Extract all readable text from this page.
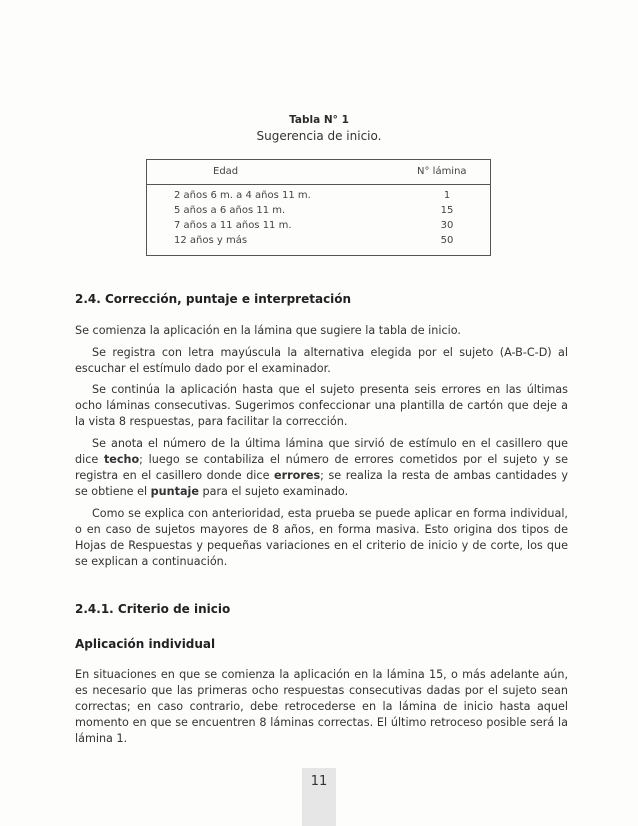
Tabla N° 1
Sugerencia de inicio.
Edad	N° lámina
2 años 6 m. a 4 años 11 m.	1
5 años a 6 años 11 m.	15
7 años a 11 años 11 m.	30
12 años y más	50
2.4. Corrección, puntaje e interpretación

Se comienza la aplicación en la lámina que sugiere la tabla de inicio.

Se registra con letra mayúscula la alternativa elegida por el sujeto (A-B-C-D) al escuchar el estímulo dado por el examinador.

Se continúa la aplicación hasta que el sujeto presenta seis errores en las últimas ocho láminas consecutivas. Sugerimos confeccionar una plantilla de cartón que deje a la vista 8 respuestas, para facilitar la corrección.

Se anota el número de la última lámina que sirvió de estímulo en el casillero que dice techo; luego se contabiliza el número de errores cometidos por el sujeto y se registra en el casillero donde dice errores; se realiza la resta de ambas cantidades y se obtiene el puntaje para el sujeto examinado.

Como se explica con anterioridad, esta prueba se puede aplicar en forma individual, o en caso de sujetos mayores de 8 años, en forma masiva. Esto origina dos tipos de Hojas de Respuestas y pequeñas variaciones en el criterio de inicio y de corte, los que se explican a continuación.

2.4.1. Criterio de inicio
Aplicación individual

En situaciones en que se comienza la aplicación en la lámina 15, o más adelante aún, es necesario que las primeras ocho respuestas consecutivas dadas por el sujeto sean correctas; en caso contrario, debe retrocederse en la lámina de inicio hasta aquel momento en que se encuentren 8 láminas correctas. El último retroceso posible será la lámina 1.

11
